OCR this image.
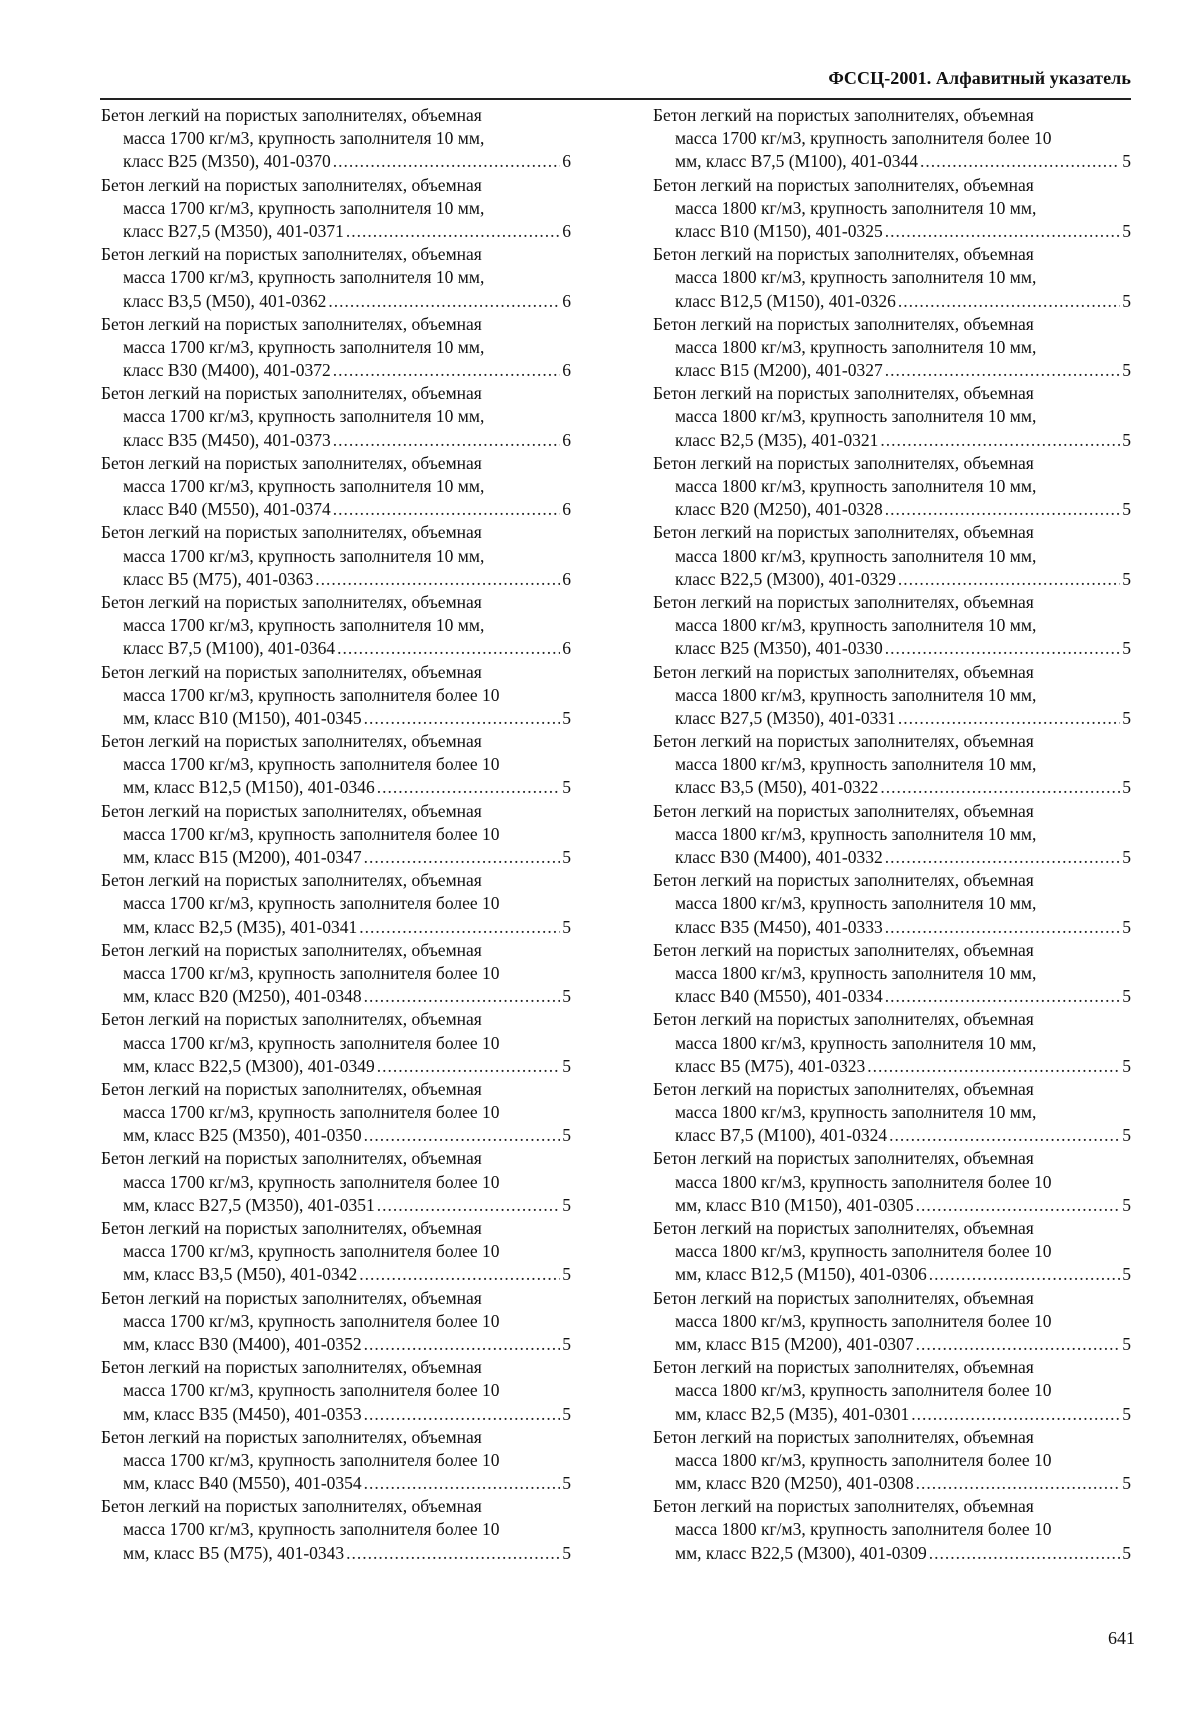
ФССЦ-2001. Алфавитный указатель
Бетон легкий на пористых заполнителях, объемная
масса 1700 кг/м3, крупность заполнителя 10 мм,
класс В25 (М350), 401-0370 .....	6
Бетон легкий на пористых заполнителях, объемная
масса 1700 кг/м3, крупность заполнителя 10 мм,
класс В27,5 (М350), 401-0371 .....	6
Бетон легкий на пористых заполнителях, объемная
масса 1700 кг/м3, крупность заполнителя 10 мм,
класс В3,5 (М50), 401-0362 .....	6
Бетон легкий на пористых заполнителях, объемная
масса 1700 кг/м3, крупность заполнителя 10 мм,
класс В30 (М400), 401-0372 .....	6
Бетон легкий на пористых заполнителях, объемная
масса 1700 кг/м3, крупность заполнителя 10 мм,
класс В35 (М450), 401-0373 .....	6
Бетон легкий на пористых заполнителях, объемная
масса 1700 кг/м3, крупность заполнителя 10 мм,
класс В40 (М550), 401-0374 .....	6
Бетон легкий на пористых заполнителях, объемная
масса 1700 кг/м3, крупность заполнителя 10 мм,
класс В5 (М75), 401-0363 .....	6
Бетон легкий на пористых заполнителях, объемная
масса 1700 кг/м3, крупность заполнителя 10 мм,
класс В7,5 (М100), 401-0364 .....	6
Бетон легкий на пористых заполнителях, объемная
масса 1700 кг/м3, крупность заполнителя более 10
мм, класс В10 (М150), 401-0345 .....	5
Бетон легкий на пористых заполнителях, объемная
масса 1700 кг/м3, крупность заполнителя более 10
мм, класс В12,5 (М150), 401-0346 .....	5
Бетон легкий на пористых заполнителях, объемная
масса 1700 кг/м3, крупность заполнителя более 10
мм, класс В15 (М200), 401-0347 .....	5
Бетон легкий на пористых заполнителях, объемная
масса 1700 кг/м3, крупность заполнителя более 10
мм, класс В2,5 (М35), 401-0341 .....	5
Бетон легкий на пористых заполнителях, объемная
масса 1700 кг/м3, крупность заполнителя более 10
мм, класс В20 (М250), 401-0348 .....	5
Бетон легкий на пористых заполнителях, объемная
масса 1700 кг/м3, крупность заполнителя более 10
мм, класс В22,5 (М300), 401-0349 .....	5
Бетон легкий на пористых заполнителях, объемная
масса 1700 кг/м3, крупность заполнителя более 10
мм, класс В25 (М350), 401-0350 .....	5
Бетон легкий на пористых заполнителях, объемная
масса 1700 кг/м3, крупность заполнителя более 10
мм, класс В27,5 (М350), 401-0351 .....	5
Бетон легкий на пористых заполнителях, объемная
масса 1700 кг/м3, крупность заполнителя более 10
мм, класс В3,5 (М50), 401-0342 .....	5
Бетон легкий на пористых заполнителях, объемная
масса 1700 кг/м3, крупность заполнителя более 10
мм, класс В30 (М400), 401-0352 .....	5
Бетон легкий на пористых заполнителях, объемная
масса 1700 кг/м3, крупность заполнителя более 10
мм, класс В35 (М450), 401-0353 .....	5
Бетон легкий на пористых заполнителях, объемная
масса 1700 кг/м3, крупность заполнителя более 10
мм, класс В40 (М550), 401-0354 .....	5
Бетон легкий на пористых заполнителях, объемная
масса 1700 кг/м3, крупность заполнителя более 10
мм, класс В5 (М75), 401-0343 .....	5
Бетон легкий на пористых заполнителях, объемная
масса 1700 кг/м3, крупность заполнителя более 10
мм, класс В7,5 (М100), 401-0344 .....	5
Бетон легкий на пористых заполнителях, объемная
масса 1800 кг/м3, крупность заполнителя 10 мм,
класс В10 (М150), 401-0325 .....	5
Бетон легкий на пористых заполнителях, объемная
масса 1800 кг/м3, крупность заполнителя 10 мм,
класс В12,5 (М150), 401-0326 .....	5
Бетон легкий на пористых заполнителях, объемная
масса 1800 кг/м3, крупность заполнителя 10 мм,
класс В15 (М200), 401-0327 .....	5
Бетон легкий на пористых заполнителях, объемная
масса 1800 кг/м3, крупность заполнителя 10 мм,
класс В2,5 (М35), 401-0321 .....	5
Бетон легкий на пористых заполнителях, объемная
масса 1800 кг/м3, крупность заполнителя 10 мм,
класс В20 (М250), 401-0328 .....	5
Бетон легкий на пористых заполнителях, объемная
масса 1800 кг/м3, крупность заполнителя 10 мм,
класс В22,5 (М300), 401-0329 .....	5
Бетон легкий на пористых заполнителях, объемная
масса 1800 кг/м3, крупность заполнителя 10 мм,
класс В25 (М350), 401-0330 .....	5
Бетон легкий на пористых заполнителях, объемная
масса 1800 кг/м3, крупность заполнителя 10 мм,
класс В27,5 (М350), 401-0331 .....	5
Бетон легкий на пористых заполнителях, объемная
масса 1800 кг/м3, крупность заполнителя 10 мм,
класс В3,5 (М50), 401-0322 .....	5
Бетон легкий на пористых заполнителях, объемная
масса 1800 кг/м3, крупность заполнителя 10 мм,
класс В30 (М400), 401-0332 .....	5
Бетон легкий на пористых заполнителях, объемная
масса 1800 кг/м3, крупность заполнителя 10 мм,
класс В35 (М450), 401-0333 .....	5
Бетон легкий на пористых заполнителях, объемная
масса 1800 кг/м3, крупность заполнителя 10 мм,
класс В40 (М550), 401-0334 .....	5
Бетон легкий на пористых заполнителях, объемная
масса 1800 кг/м3, крупность заполнителя 10 мм,
класс В5 (М75), 401-0323 .....	5
Бетон легкий на пористых заполнителях, объемная
масса 1800 кг/м3, крупность заполнителя 10 мм,
класс В7,5 (М100), 401-0324 .....	5
Бетон легкий на пористых заполнителях, объемная
масса 1800 кг/м3, крупность заполнителя более 10
мм, класс В10 (М150), 401-0305 .....	5
Бетон легкий на пористых заполнителях, объемная
масса 1800 кг/м3, крупность заполнителя более 10
мм, класс В12,5 (М150), 401-0306 .....	5
Бетон легкий на пористых заполнителях, объемная
масса 1800 кг/м3, крупность заполнителя более 10
мм, класс В15 (М200), 401-0307 .....	5
Бетон легкий на пористых заполнителях, объемная
масса 1800 кг/м3, крупность заполнителя более 10
мм, класс В2,5 (М35), 401-0301 .....	5
Бетон легкий на пористых заполнителях, объемная
масса 1800 кг/м3, крупность заполнителя более 10
мм, класс В20 (М250), 401-0308 .....	5
Бетон легкий на пористых заполнителях, объемная
масса 1800 кг/м3, крупность заполнителя более 10
мм, класс В22,5 (М300), 401-0309 .....	5
641
